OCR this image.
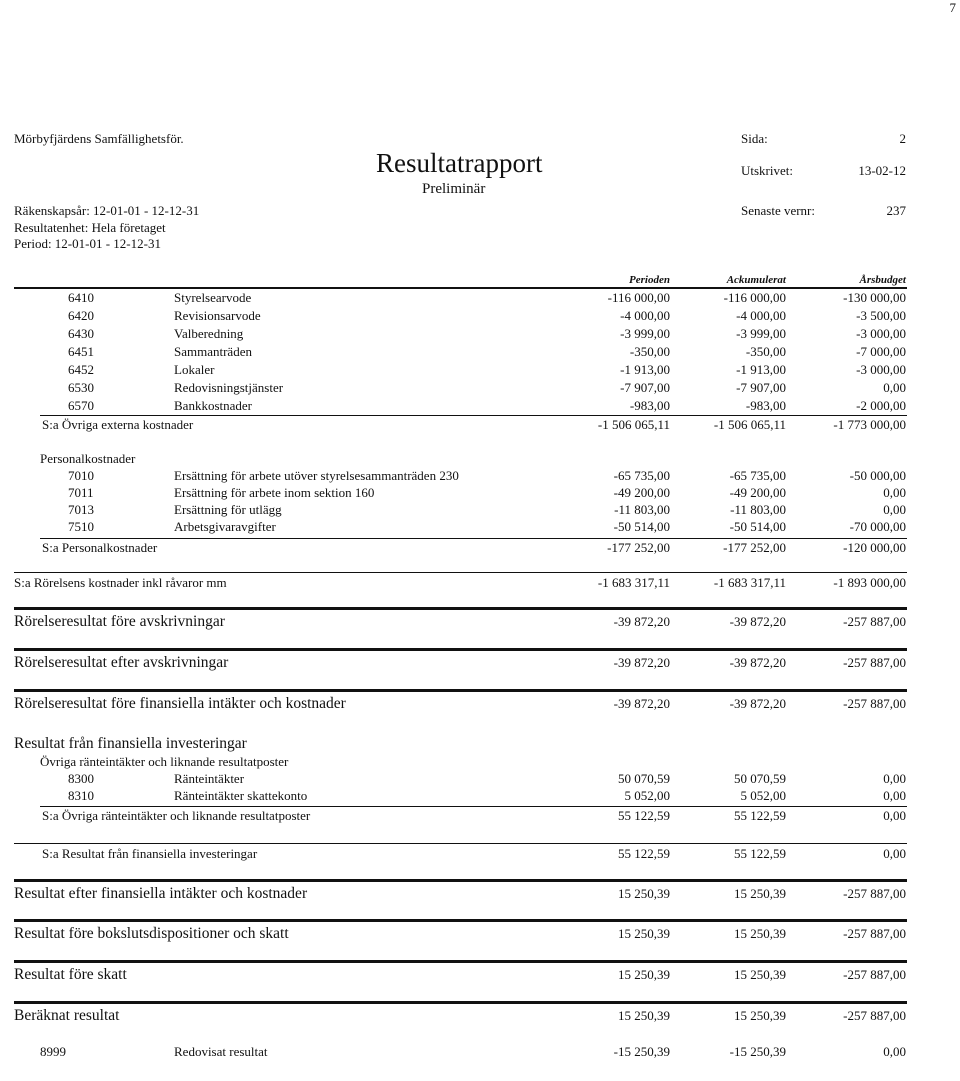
7
Mörbyfjärdens Samfällighetsför.
Resultatrapport
Preliminär
Räkenskapsår: 12-01-01 - 12-12-31
Resultatenhet: Hela företaget
Period: 12-01-01 - 12-12-31
Sida:	2
Utskrivet:	13-02-12
Senaste vernr:	237
Perioden	Ackumulerat	Årsbudget
6410	Styrelsearvode	-116 000,00	-116 000,00	-130 000,00
6420	Revisionsarvode	-4 000,00	-4 000,00	-3 500,00
6430	Valberedning	-3 999,00	-3 999,00	-3 000,00
6451	Sammanträden	-350,00	-350,00	-7 000,00
6452	Lokaler	-1 913,00	-1 913,00	-3 000,00
6530	Redovisningstjänster	-7 907,00	-7 907,00	0,00
6570	Bankkostnader	-983,00	-983,00	-2 000,00
S:a Övriga externa kostnader	-1 506 065,11	-1 506 065,11	-1 773 000,00
Personalkostnader
7010	Ersättning för arbete utöver styrelsesammanträden 230	-65 735,00	-65 735,00	-50 000,00
7011	Ersättning för arbete inom sektion 160	-49 200,00	-49 200,00	0,00
7013	Ersättning för utlägg	-11 803,00	-11 803,00	0,00
7510	Arbetsgivaravgifter	-50 514,00	-50 514,00	-70 000,00
S:a Personalkostnader	-177 252,00	-177 252,00	-120 000,00
S:a Rörelsens kostnader inkl råvaror mm	-1 683 317,11	-1 683 317,11	-1 893 000,00
Rörelseresultat före avskrivningar	-39 872,20	-39 872,20	-257 887,00
Rörelseresultat efter avskrivningar	-39 872,20	-39 872,20	-257 887,00
Rörelseresultat före finansiella intäkter och kostnader	-39 872,20	-39 872,20	-257 887,00
Resultat från finansiella investeringar
Övriga ränteintäkter och liknande resultatposter
8300	Ränteintäkter	50 070,59	50 070,59	0,00
8310	Ränteintäkter skattekonto	5 052,00	5 052,00	0,00
S:a Övriga ränteintäkter och liknande resultatposter	55 122,59	55 122,59	0,00
S:a Resultat från finansiella investeringar	55 122,59	55 122,59	0,00
Resultat efter finansiella intäkter och kostnader	15 250,39	15 250,39	-257 887,00
Resultat före bokslutsdispositioner och skatt	15 250,39	15 250,39	-257 887,00
Resultat före skatt	15 250,39	15 250,39	-257 887,00
Beräknat resultat	15 250,39	15 250,39	-257 887,00
8999	Redovisat resultat	-15 250,39	-15 250,39	0,00
